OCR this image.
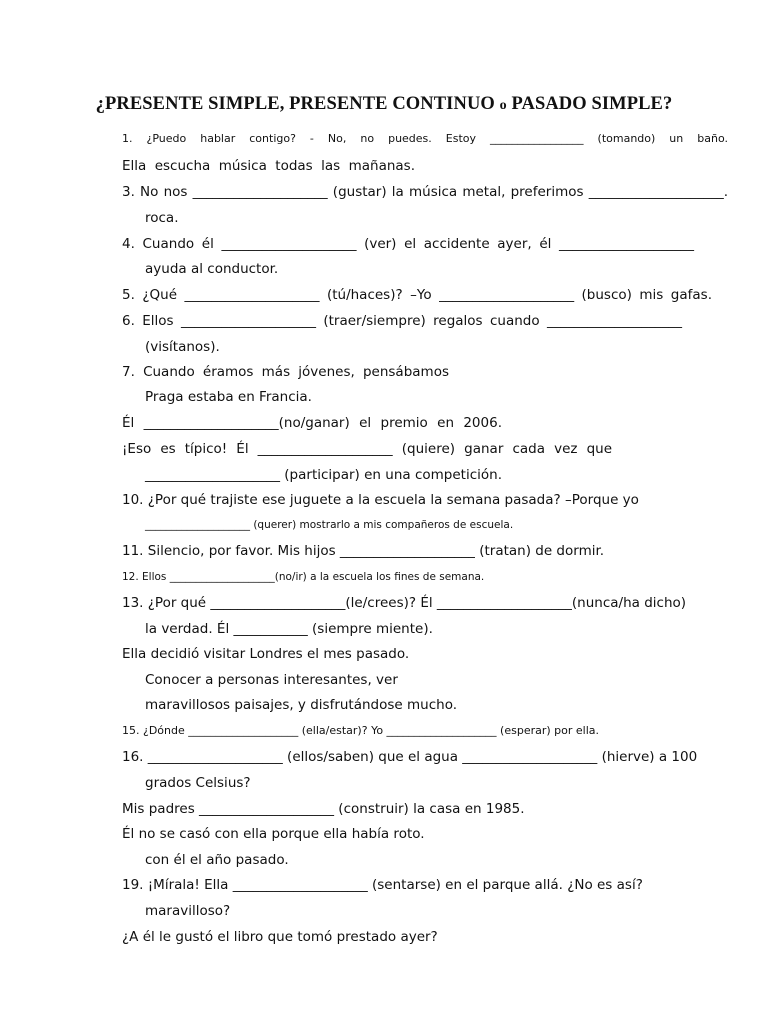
¿PRESENTE SIMPLE, PRESENTE CONTINUO o PASADO SIMPLE?
1. ¿Puedo hablar contigo? - No, no puedes. Estoy _________________ (tomando) un baño.
Ella escucha música todas las mañanas.
3. No nos ____________________ (gustar) la música metal, preferimos ____________________.
roca.
4. Cuando él ____________________ (ver) el accidente ayer, él ____________________
ayuda al conductor.
5. ¿Qué ____________________ (tú/haces)? –Yo ____________________ (busco) mis gafas.
6. Ellos ____________________ (traer/siempre) regalos cuando ____________________
(visítanos).
7. Cuando éramos más jóvenes, pensábamos
Praga estaba en Francia.
Él ____________________(no/ganar) el premio en 2006.
¡Eso es típico! Él ____________________ (quiere) ganar cada vez que
____________________ (participar) en una competición.
10. ¿Por qué trajiste ese juguete a la escuela la semana pasada? –Porque yo
____________________ (querer) mostrarlo a mis compañeros de escuela.
11. Silencio, por favor. Mis hijos ____________________ (tratan) de dormir.
12. Ellos ____________________(no/ir) a la escuela los fines de semana.
13. ¿Por qué ____________________(le/crees)? Él ____________________(nunca/ha dicho)
la verdad. Él ___________ (siempre miente).
Ella decidió visitar Londres el mes pasado.
Conocer a personas interesantes, ver
maravillosos paisajes, y disfrutándose mucho.
15. ¿Dónde ____________________ (ella/estar)? Yo ____________________ (esperar) por ella.
16. ____________________ (ellos/saben) que el agua ____________________ (hierve) a 100
grados Celsius?
Mis padres ____________________ (construir) la casa en 1985.
Él no se casó con ella porque ella había roto.
con él el año pasado.
19. ¡Mírala! Ella ____________________ (sentarse) en el parque allá. ¿No es así?
maravilloso?
¿A él le gustó el libro que tomó prestado ayer?
